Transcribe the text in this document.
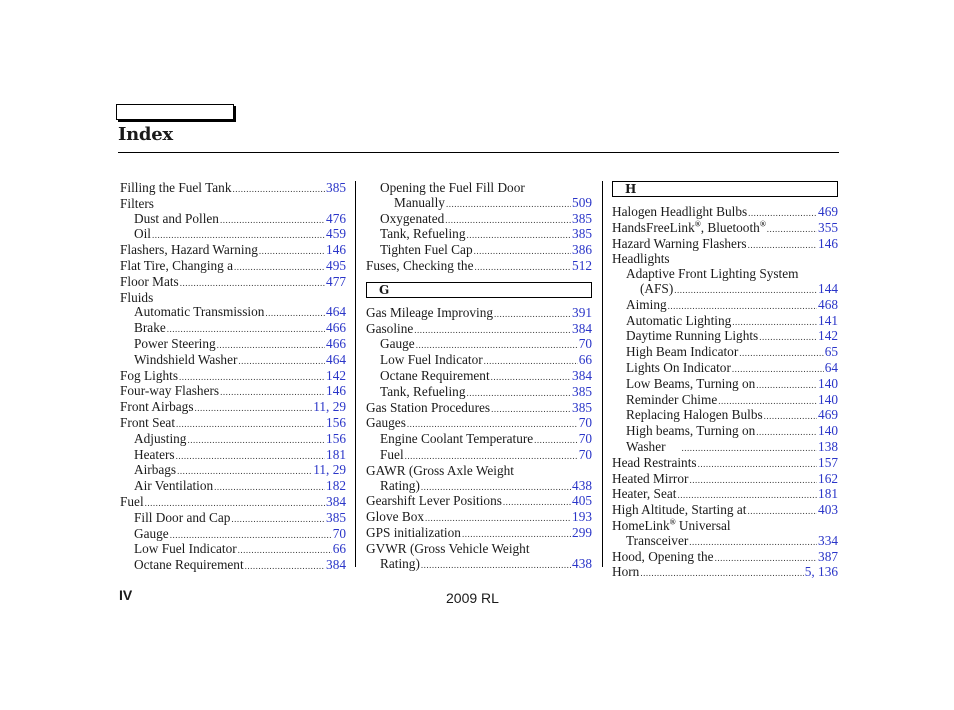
Index
Filling the Fuel Tank .....	385
Filters
Dust and Pollen .....	476
Oil .....	459
Flashers, Hazard Warning .....	146
Flat Tire, Changing a .....	495
Floor Mats .....	477
Fluids
Automatic Transmission .....	464
Brake .....	466
Power Steering .....	466
Windshield Washer .....	464
Fog Lights .....	142
Four-way Flashers .....	146
Front Airbags .....	11, 29
Front Seat .....	156
Adjusting .....	156
Heaters .....	181
Airbags .....	11, 29
Air Ventilation .....	182
Fuel .....	384
Fill Door and Cap .....	385
Gauge .....	70
Low Fuel Indicator .....	66
Octane Requirement .....	384
Opening the Fuel Fill Door
Manually .....	509
Oxygenated .....	385
Tank, Refueling .....	385
Tighten Fuel Cap .....	386
Fuses, Checking the .....	512
G
Gas Mileage Improving .....	391
Gasoline .....	384
Gauge .....	70
Low Fuel Indicator .....	66
Octane Requirement .....	384
Tank, Refueling .....	385
Gas Station Procedures .....	385
Gauges .....	70
Engine Coolant Temperature .....	70
Fuel .....	70
GAWR (Gross Axle Weight
Rating) .....	438
Gearshift Lever Positions .....	405
Glove Box .....	193
GPS initialization .....	299
GVWR (Gross Vehicle Weight
Rating) .....	438
H
Halogen Headlight Bulbs .....	469
HandsFreeLink®, Bluetooth® .....	355
Hazard Warning Flashers .....	146
Headlights
Adaptive Front Lighting System
(AFS) .....	144
Aiming .....	468
Automatic Lighting .....	141
Daytime Running Lights .....	142
High Beam Indicator .....	65
Lights On Indicator .....	64
Low Beams, Turning on .....	140
Reminder Chime .....	140
Replacing Halogen Bulbs .....	469
High beams, Turning on .....	140
Washer .....	138
Head Restraints .....	157
Heated Mirror .....	162
Heater, Seat .....	181
High Altitude, Starting at .....	403
HomeLink® Universal
Transceiver .....	334
Hood, Opening the .....	387
Horn .....	5, 136
IV	2009 RL
